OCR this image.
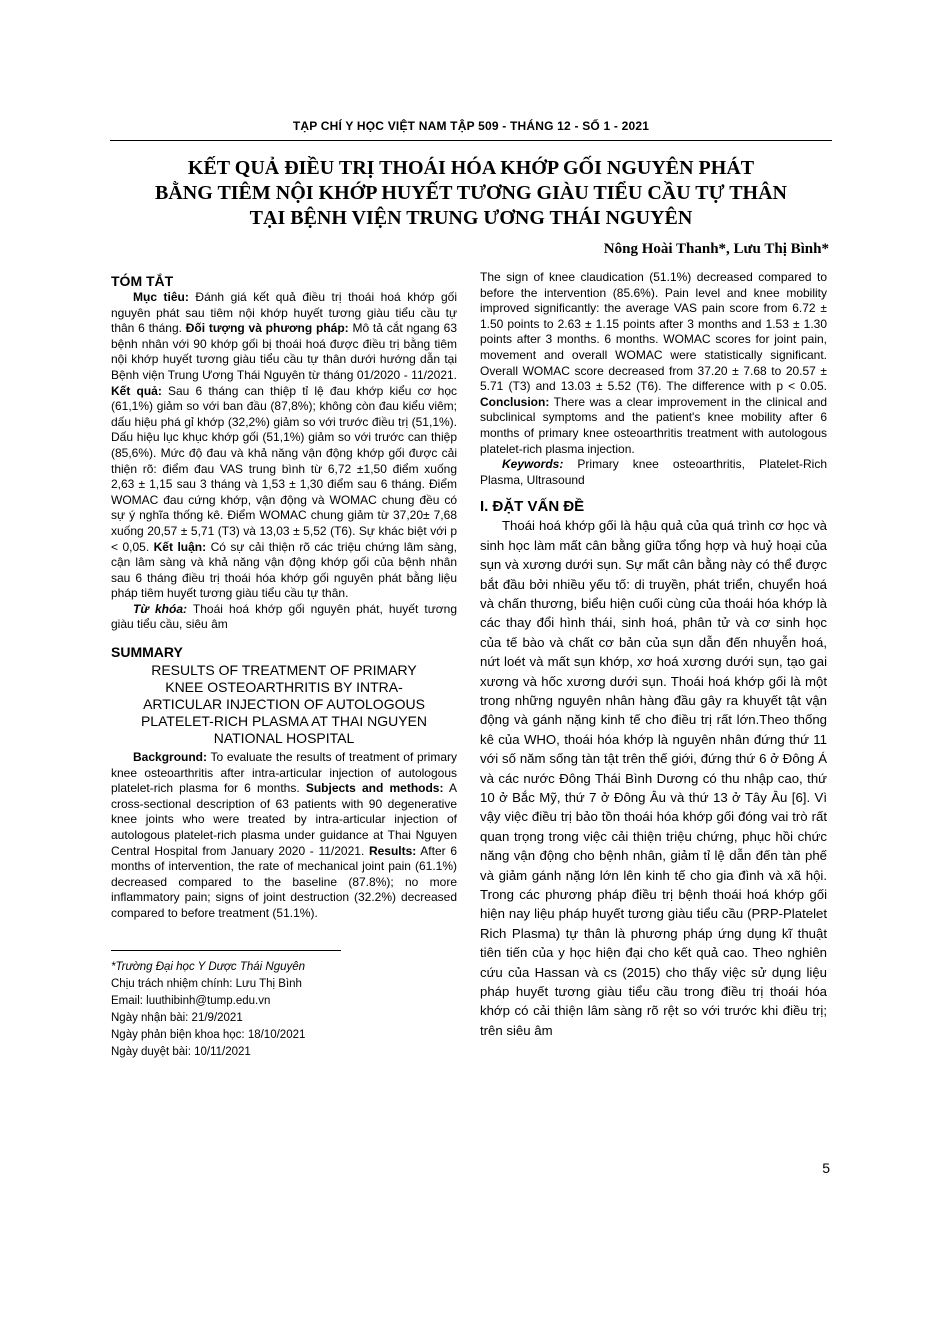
TẠP CHÍ Y HỌC VIỆT NAM TẬP 509 - THÁNG 12 - SỐ 1 - 2021
KẾT QUẢ ĐIỀU TRỊ THOÁI HÓA KHỚP GỐI NGUYÊN PHÁT
BẰNG TIÊM NỘI KHỚP HUYẾT TƯƠNG GIÀU TIỂU CẦU TỰ THÂN
TẠI BỆNH VIỆN TRUNG ƯƠNG THÁI NGUYÊN
Nông Hoài Thanh*, Lưu Thị Bình*
TÓM TẮT

Mục tiêu: Đánh giá kết quả điều trị thoái hoá khớp gối nguyên phát sau tiêm nội khớp huyết tương giàu tiểu cầu tự thân 6 tháng. Đối tượng và phương pháp: Mô tả cắt ngang 63 bệnh nhân với 90 khớp gối bị thoái hoá được điều trị bằng tiêm nội khớp huyết tương giàu tiểu cầu tự thân dưới hướng dẫn tại Bệnh viện Trung Ương Thái Nguyên từ tháng 01/2020 - 11/2021. Kết quả: Sau 6 tháng can thiệp tỉ lệ đau khớp kiểu cơ học (61,1%) giảm so với ban đầu (87,8%); không còn đau kiểu viêm; dấu hiệu phá gỉ khớp (32,2%) giảm so với trước điều trị (51,1%). Dấu hiệu lục khục khớp gối (51,1%) giảm so với trước can thiệp (85,6%). Mức độ đau và khả năng vận động khớp gối được cải thiện rõ: điểm đau VAS trung bình từ 6,72 ±1,50 điểm xuống 2,63 ± 1,15 sau 3 tháng và 1,53 ± 1,30 điểm sau 6 tháng. Điểm WOMAC đau cứng khớp, vận động và WOMAC chung đều có sự ý nghĩa thống kê. Điểm WOMAC chung giảm từ 37,20± 7,68 xuống 20,57 ± 5,71 (T3) và 13,03 ± 5,52 (T6). Sự khác biệt với p < 0,05. Kết luận: Có sự cải thiện rõ các triệu chứng lâm sàng, cận lâm sàng và khả năng vận động khớp gối của bệnh nhân sau 6 tháng điều trị thoái hóa khớp gối nguyên phát bằng liệu pháp tiêm huyết tương giàu tiểu cầu tự thân.

Từ khóa: Thoái hoá khớp gối nguyên phát, huyết tương giàu tiểu cầu, siêu âm

SUMMARY
RESULTS OF TREATMENT OF PRIMARY
KNEE OSTEOARTHRITIS BY INTRA-
ARTICULAR INJECTION OF AUTOLOGOUS
PLATELET-RICH PLASMA AT THAI NGUYEN
NATIONAL HOSPITAL

Background: To evaluate the results of treatment of primary knee osteoarthritis after intra-articular injection of autologous platelet-rich plasma for 6 months. Subjects and methods: A cross-sectional description of 63 patients with 90 degenerative knee joints who were treated by intra-articular injection of autologous platelet-rich plasma under guidance at Thai Nguyen Central Hospital from January 2020 - 11/2021. Results: After 6 months of intervention, the rate of mechanical joint pain (61.1%) decreased compared to the baseline (87.8%); no more inflammatory pain; signs of joint destruction (32.2%) decreased compared to before treatment (51.1%).

*Trường Đại học Y Dược Thái Nguyên
Chịu trách nhiệm chính: Lưu Thị Bình
Email: luuthibinh@tump.edu.vn
Ngày nhận bài: 21/9/2021
Ngày phản biện khoa học: 18/10/2021
Ngày duyệt bài: 10/11/2021

The sign of knee claudication (51.1%) decreased compared to before the intervention (85.6%). Pain level and knee mobility improved significantly: the average VAS pain score from 6.72 ± 1.50 points to 2.63 ± 1.15 points after 3 months and 1.53 ± 1.30 points after 3 months. 6 months. WOMAC scores for joint pain, movement and overall WOMAC were statistically significant. Overall WOMAC score decreased from 37.20 ± 7.68 to 20.57 ± 5.71 (T3) and 13.03 ± 5.52 (T6). The difference with p < 0.05. Conclusion: There was a clear improvement in the clinical and subclinical symptoms and the patient's knee mobility after 6 months of primary knee osteoarthritis treatment with autologous platelet-rich plasma injection.

Keywords: Primary knee osteoarthritis, Platelet-Rich Plasma, Ultrasound

I. ĐẶT VẤN ĐỀ

Thoái hoá khớp gối là hậu quả của quá trình cơ học và sinh học làm mất cân bằng giữa tổng hợp và huỷ hoại của sụn và xương dưới sụn. Sự mất cân bằng này có thể được bắt đầu bởi nhiều yếu tố: di truyền, phát triển, chuyển hoá và chấn thương, biểu hiện cuối cùng của thoái hóa khớp là các thay đổi hình thái, sinh hoá, phân tử và cơ sinh học của tế bào và chất cơ bản của sụn dẫn đến nhuyễn hoá, nứt loét và mất sụn khớp, xơ hoá xương dưới sụn, tạo gai xương và hốc xương dưới sụn. Thoái hoá khớp gối là một trong những nguyên nhân hàng đầu gây ra khuyết tật vận động và gánh nặng kinh tế cho điều trị rất lớn.Theo thống kê của WHO, thoái hóa khớp là nguyên nhân đứng thứ 11 với số năm sống tàn tật trên thế giới, đứng thứ 6 ở Đông Á và các nước Đông Thái Bình Dương có thu nhập cao, thứ 10 ở Bắc Mỹ, thứ 7 ở Đông Âu và thứ 13 ở Tây Âu [6]. Vì vậy việc điều trị bảo tồn thoái hóa khớp gối đóng vai trò rất quan trọng trong việc cải thiện triệu chứng, phục hồi chức năng vận động cho bệnh nhân, giảm tỉ lệ dẫn đến tàn phế và giảm gánh nặng lớn lên kinh tế cho gia đình và xã hội. Trong các phương pháp điều trị bệnh thoái hoá khớp gối hiện nay liệu pháp huyết tương giàu tiểu cầu (PRP-Platelet Rich Plasma) tự thân là phương pháp ứng dụng kĩ thuật tiên tiến của y học hiện đại cho kết quả cao. Theo nghiên cứu của Hassan và cs (2015) cho thấy việc sử dụng liệu pháp huyết tương giàu tiểu cầu trong điều trị thoái hóa khớp có cải thiện lâm sàng rõ rệt so với trước khi điều trị; trên siêu âm

5
